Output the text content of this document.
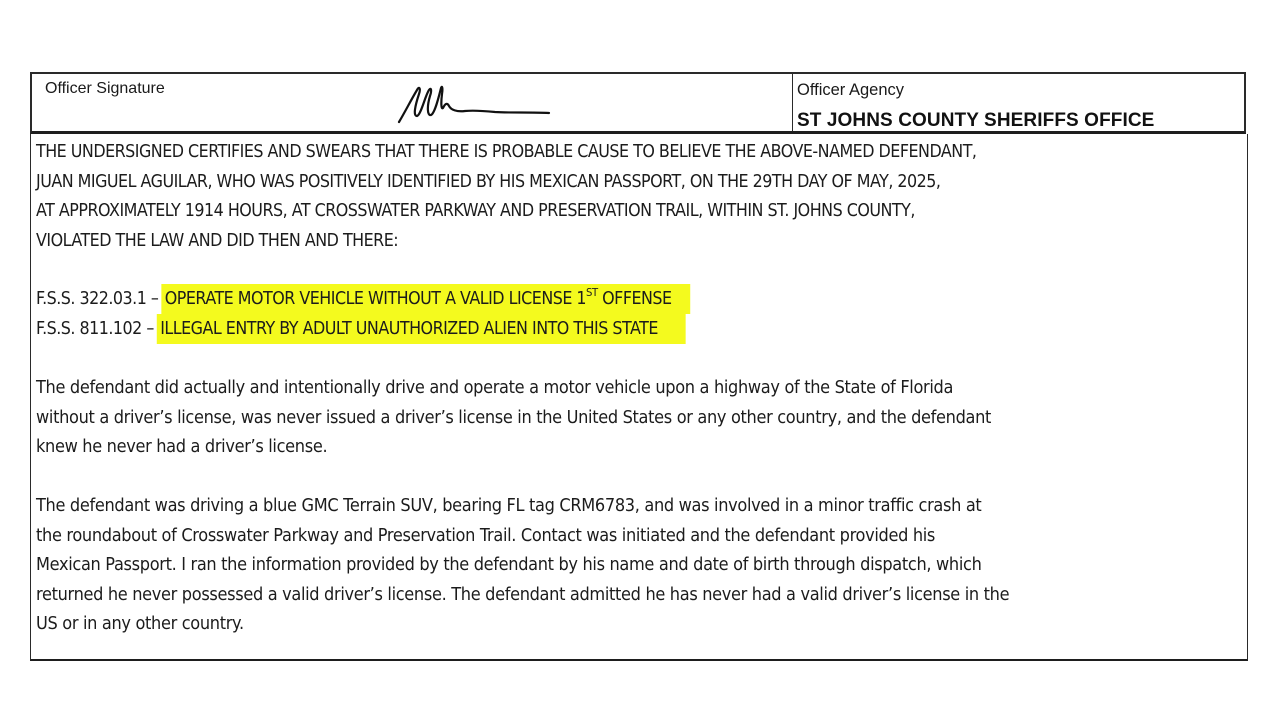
Officer Signature	Officer Agency
ST JOHNS COUNTY SHERIFFS OFFICE
THE UNDERSIGNED CERTIFIES AND SWEARS THAT THERE IS PROBABLE CAUSE TO BELIEVE THE ABOVE-NAMED DEFENDANT,
JUAN MIGUEL AGUILAR, WHO WAS POSITIVELY IDENTIFIED BY HIS MEXICAN PASSPORT, ON THE 29TH DAY OF MAY, 2025,
AT APPROXIMATELY 1914 HOURS, AT CROSSWATER PARKWAY AND PRESERVATION TRAIL, WITHIN ST. JOHNS COUNTY,
VIOLATED THE LAW AND DID THEN AND THERE:
F.S.S. 322.03.1 – OPERATE MOTOR VEHICLE WITHOUT A VALID LICENSE 1ST OFFENSE
F.S.S. 811.102 – ILLEGAL ENTRY BY ADULT UNAUTHORIZED ALIEN INTO THIS STATE
The defendant did actually and intentionally drive and operate a motor vehicle upon a highway of the State of Florida
without a driver’s license, was never issued a driver’s license in the United States or any other country, and the defendant
knew he never had a driver’s license.
The defendant was driving a blue GMC Terrain SUV, bearing FL tag CRM6783, and was involved in a minor traffic crash at
the roundabout of Crosswater Parkway and Preservation Trail. Contact was initiated and the defendant provided his
Mexican Passport. I ran the information provided by the defendant by his name and date of birth through dispatch, which
returned he never possessed a valid driver’s license. The defendant admitted he has never had a valid driver’s license in the
US or in any other country.
